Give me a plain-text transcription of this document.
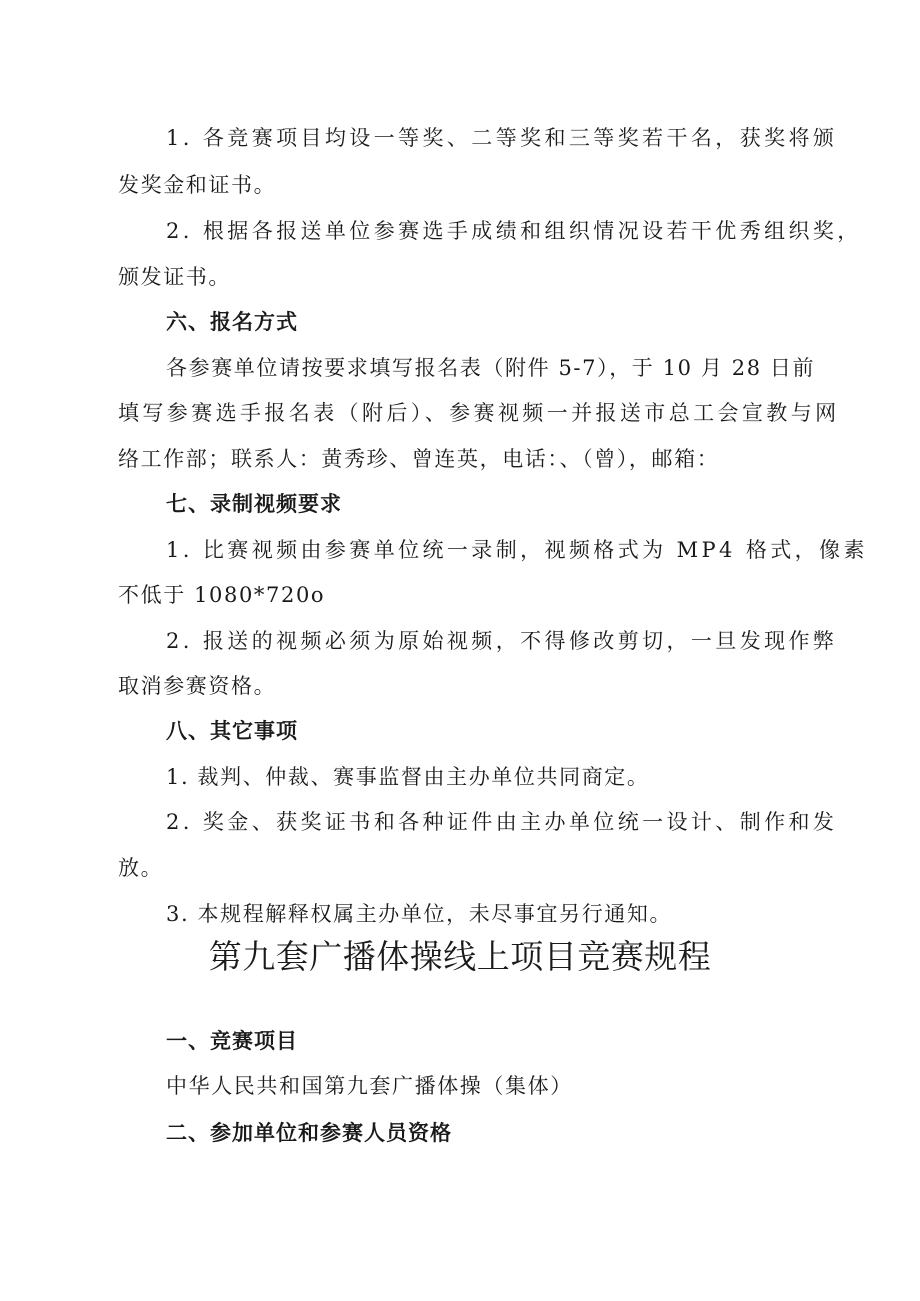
1. 各竞赛项目均设一等奖、二等奖和三等奖若干名，获奖将颁
发奖金和证书。
2. 根据各报送单位参赛选手成绩和组织情况设若干优秀组织奖，
颁发证书。
六、报名方式
各参赛单位请按要求填写报名表（附件 5-7），于 10 月 28 日前
填写参赛选手报名表（附后）、参赛视频一并报送市总工会宣教与网
络工作部；联系人：黄秀珍、曾连英，电话：、（曾），邮箱：
七、录制视频要求
1. 比赛视频由参赛单位统一录制，视频格式为 MP4 格式，像素
不低于 1080*720o
2. 报送的视频必须为原始视频，不得修改剪切，一旦发现作弊
取消参赛资格。
八、其它事项
1. 裁判、仲裁、赛事监督由主办单位共同商定。
2. 奖金、获奖证书和各种证件由主办单位统一设计、制作和发
放。
3. 本规程解释权属主办单位，未尽事宜另行通知。
第九套广播体操线上项目竞赛规程
一、竞赛项目
中华人民共和国第九套广播体操（集体）
二、参加单位和参赛人员资格
